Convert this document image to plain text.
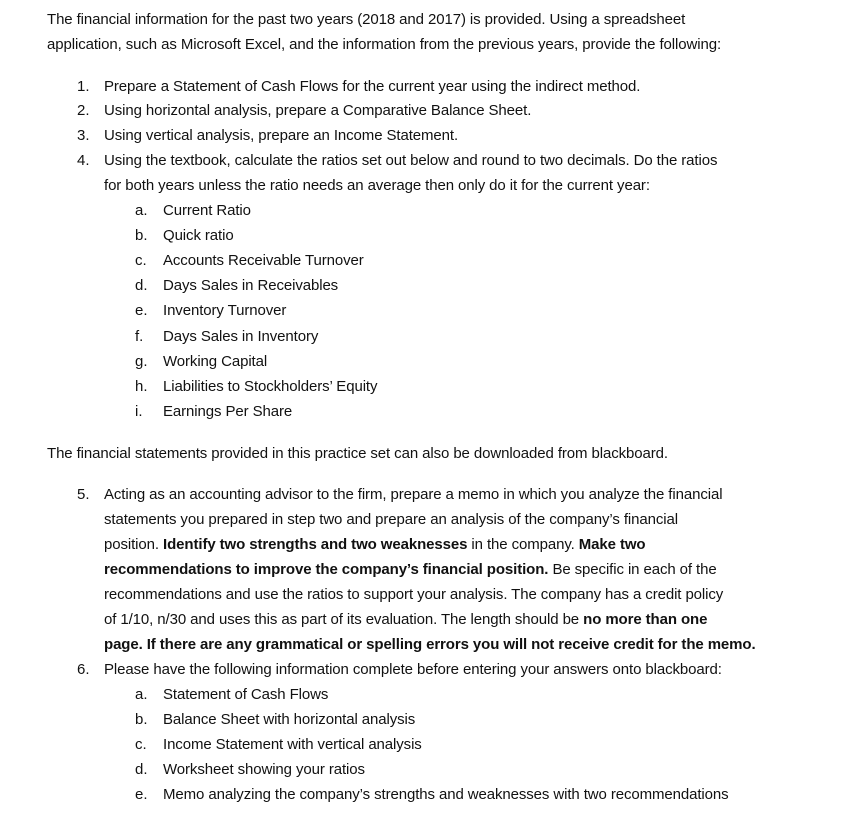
The financial information for the past two years (2018 and 2017) is provided. Using a spreadsheet
application, such as Microsoft Excel, and the information from the previous years, provide the following:
1. Prepare a Statement of Cash Flows for the current year using the indirect method.
2. Using horizontal analysis, prepare a Comparative Balance Sheet.
3. Using vertical analysis, prepare an Income Statement.
4. Using the textbook, calculate the ratios set out below and round to two decimals. Do the ratios
for both years unless the ratio needs an average then only do it for the current year:
a. Current Ratio
b. Quick ratio
c. Accounts Receivable Turnover
d. Days Sales in Receivables
e. Inventory Turnover
f. Days Sales in Inventory
g. Working Capital
h. Liabilities to Stockholders’ Equity
i. Earnings Per Share
The financial statements provided in this practice set can also be downloaded from blackboard.
5. Acting as an accounting advisor to the firm, prepare a memo in which you analyze the financial
statements you prepared in step two and prepare an analysis of the company’s financial
position. Identify two strengths and two weaknesses in the company. Make two
recommendations to improve the company’s financial position. Be specific in each of the
recommendations and use the ratios to support your analysis. The company has a credit policy
of 1/10, n/30 and uses this as part of its evaluation. The length should be no more than one
page. If there are any grammatical or spelling errors you will not receive credit for the memo.
6. Please have the following information complete before entering your answers onto blackboard:
a. Statement of Cash Flows
b. Balance Sheet with horizontal analysis
c. Income Statement with vertical analysis
d. Worksheet showing your ratios
e. Memo analyzing the company’s strengths and weaknesses with two recommendations
